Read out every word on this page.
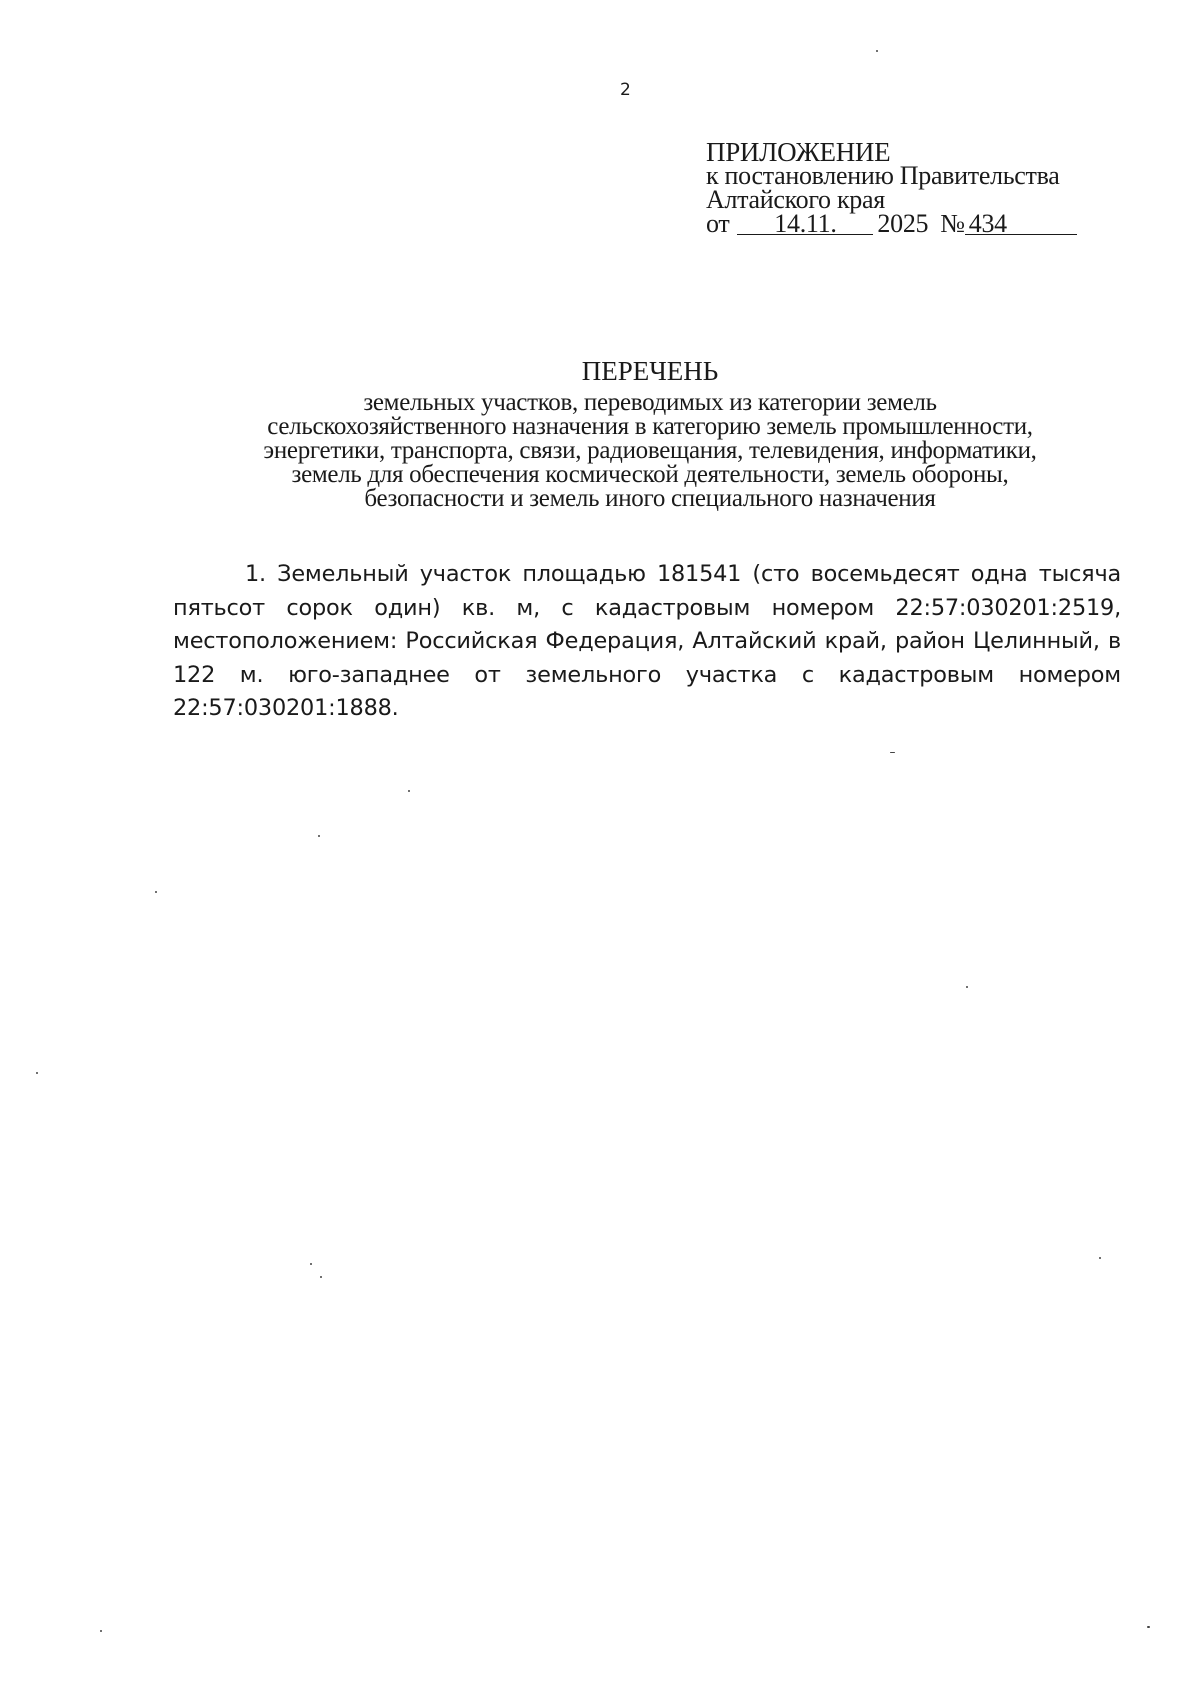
2
ПРИЛОЖЕНИЕ
к постановлению Правительства
Алтайского края
от	14.11.	2025 № 434
ПЕРЕЧЕНЬ
земельных участков, переводимых из категории земель
сельскохозяйственного назначения в категорию земель промышленности,
энергетики, транспорта, связи, радиовещания, телевидения, информатики,
земель для обеспечения космической деятельности, земель обороны,
безопасности и земель иного специального назначения

1. Земельный участок площадью 181541 (сто восемьдесят одна тысяча пятьсот сорок один) кв. м, с кадастровым номером 22:57:030201:2519, местоположением: Российская Федерация, Алтайский край, район Целинный, в 122 м. юго-западнее от земельного участка с кадастровым номером 22:57:030201:1888.
